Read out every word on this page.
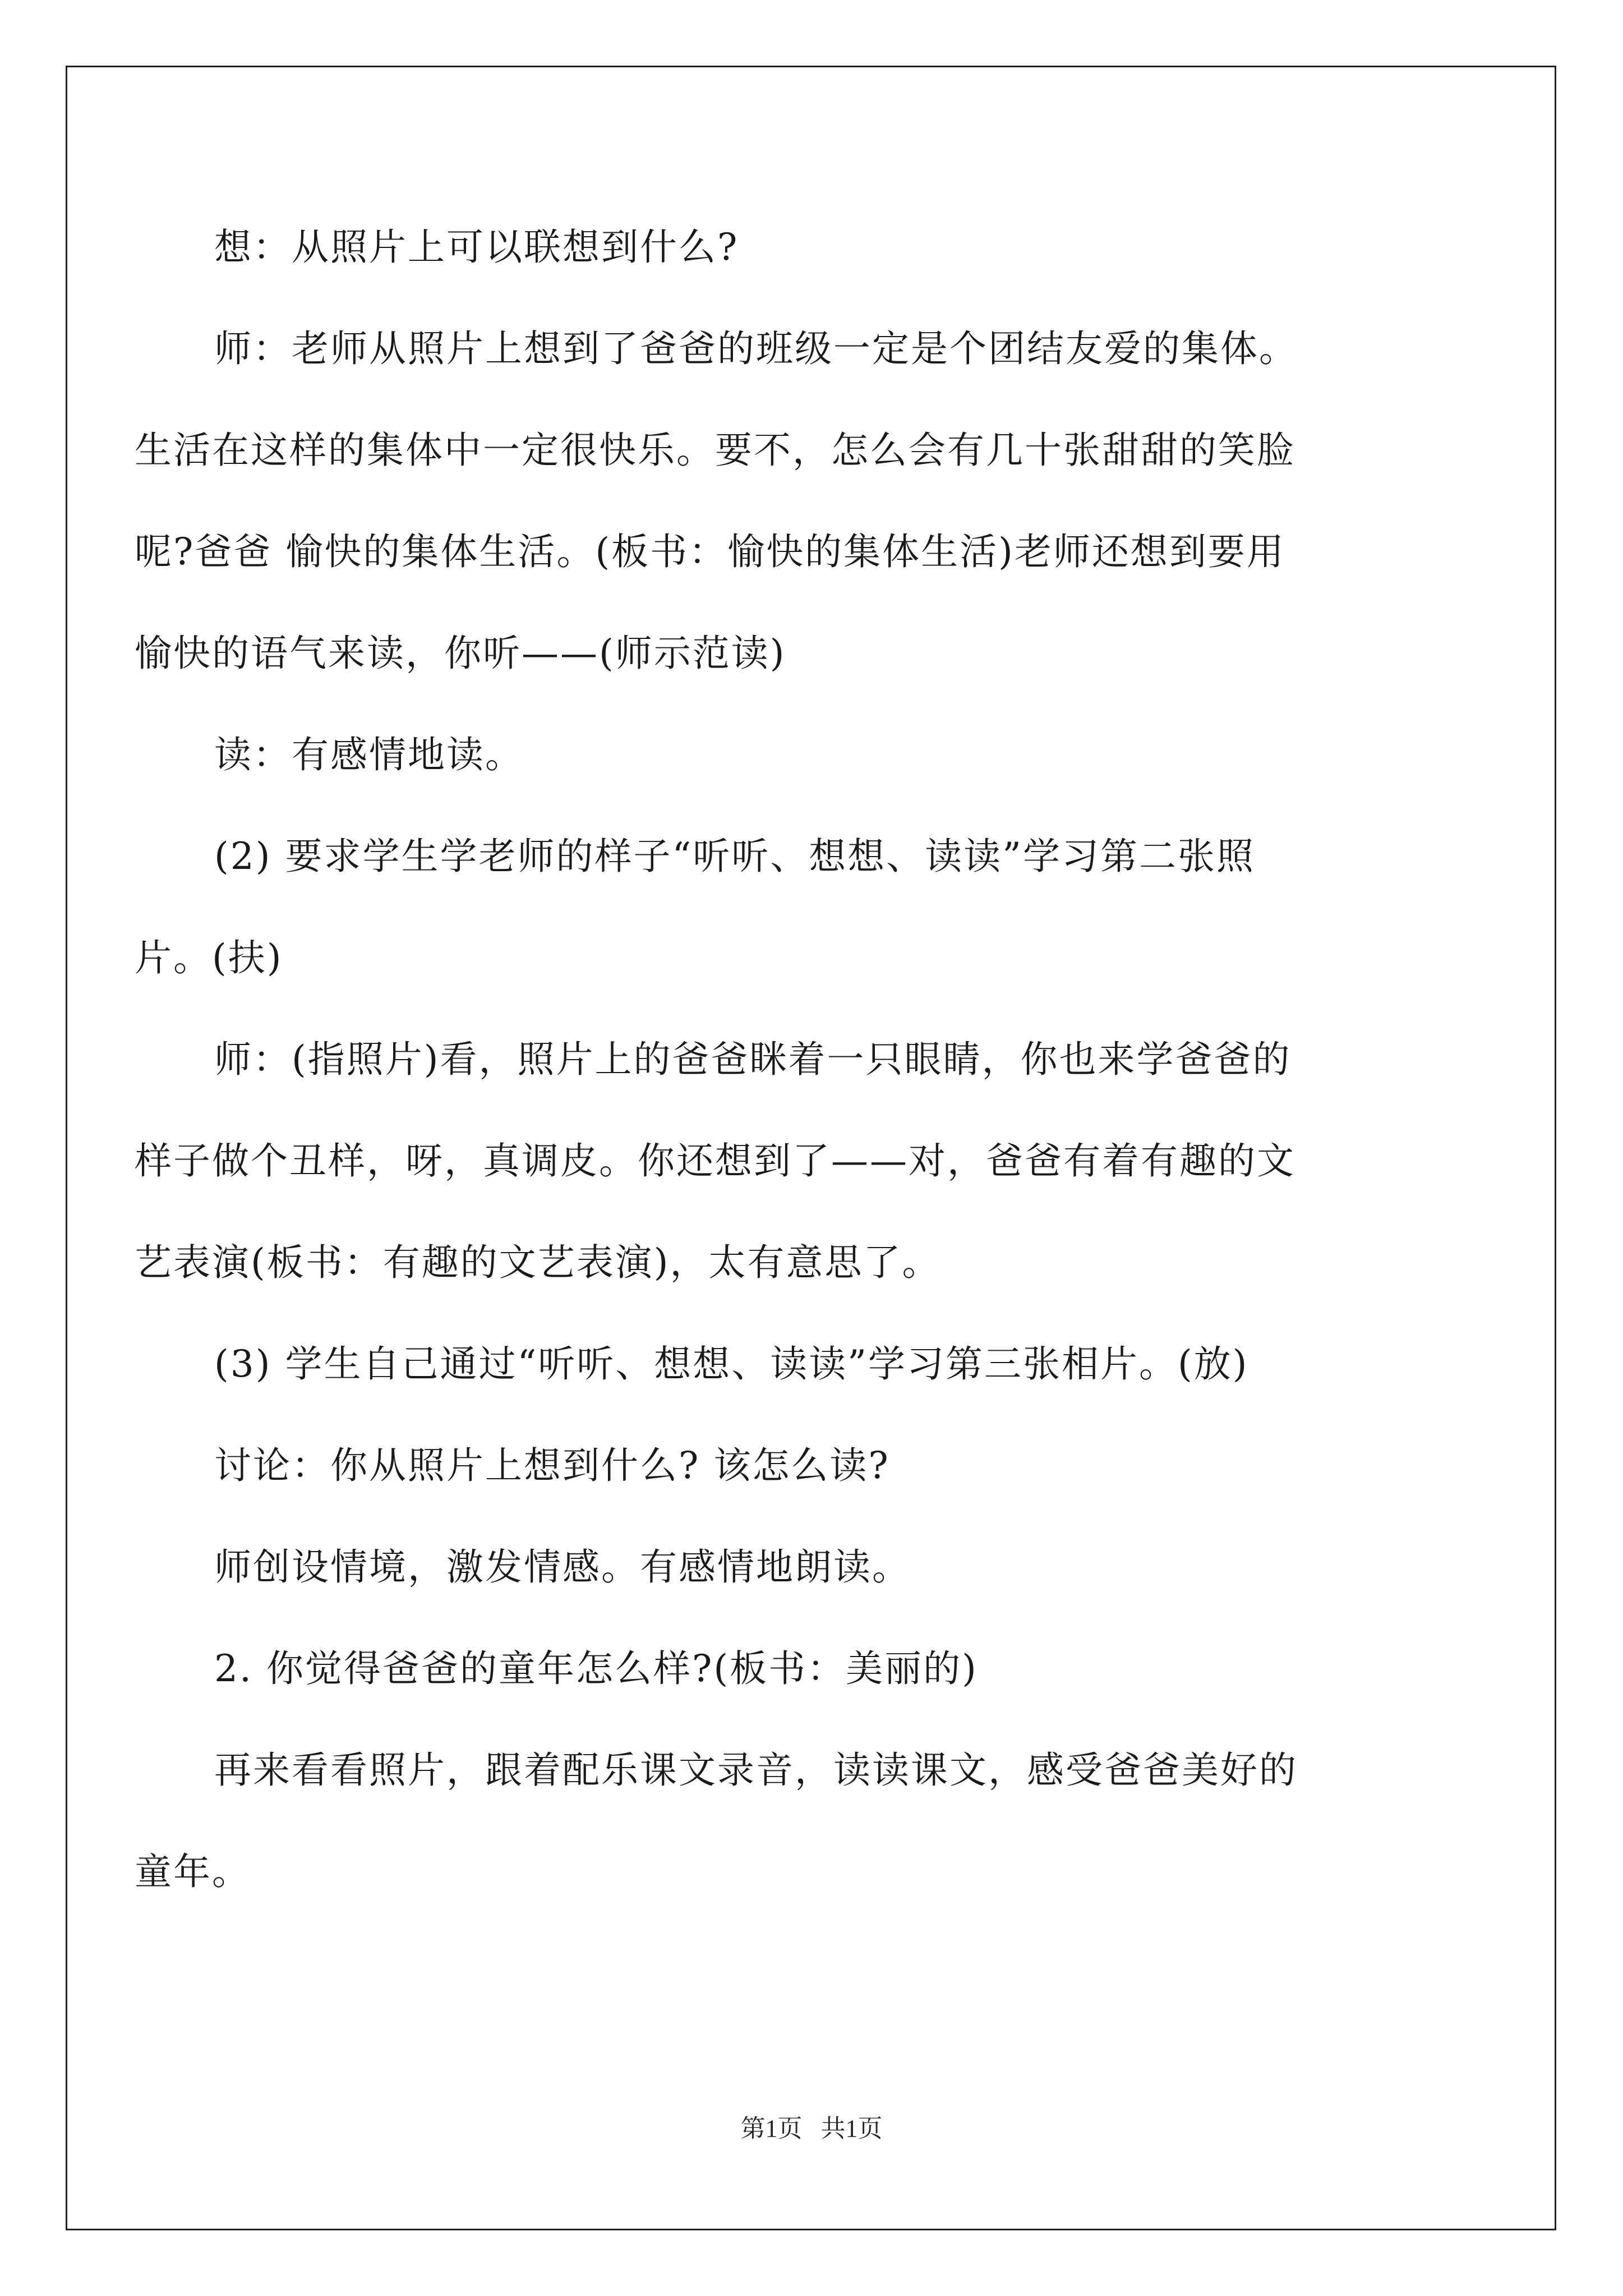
想：从照片上可以联想到什么?
师：老师从照片上想到了爸爸的班级一定是个团结友爱的集体。
生活在这样的集体中一定很快乐。要不，怎么会有几十张甜甜的笑脸
呢?爸爸 愉快的集体生活。(板书：愉快的集体生活)老师还想到要用
愉快的语气来读，你听——(师示范读)
读：有感情地读。
(2) 要求学生学老师的样子“听听、想想、读读”学习第二张照
片。(扶)
师：(指照片)看，照片上的爸爸眯着一只眼睛，你也来学爸爸的
样子做个丑样，呀，真调皮。你还想到了——对，爸爸有着有趣的文
艺表演(板书：有趣的文艺表演)，太有意思了。
(3) 学生自己通过“听听、想想、读读”学习第三张相片。(放)
讨论：你从照片上想到什么? 该怎么读?
师创设情境，激发情感。有感情地朗读。
2. 你觉得爸爸的童年怎么样?(板书：美丽的)
再来看看照片，跟着配乐课文录音，读读课文，感受爸爸美好的
童年。
第1页   共1页
